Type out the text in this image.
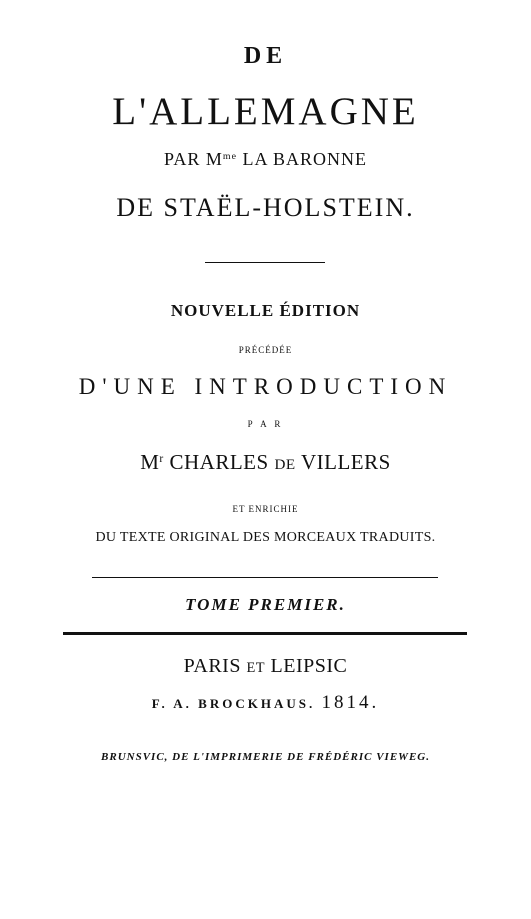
DE
L'ALLEMAGNE
PAR $M^{me}$ LA BARONNE
DE STAËL-HOLSTEIN.
NOUVELLE ÉDITION
PRÉCÉDÉE
D'UNE INTRODUCTION
P A R
$M^r$ CHARLES DE VILLERS
ET ENRICHIE
DU TEXTE ORIGINAL DES MORCEAUX TRADUITS.
TOME PREMIER.
PARIS ET LEIPSIC
F. A. BROCKHAUS. 1814.
BRUNSVIC, DE L'IMPRIMERIE DE FRÉDÉRIC VIEWEG.
